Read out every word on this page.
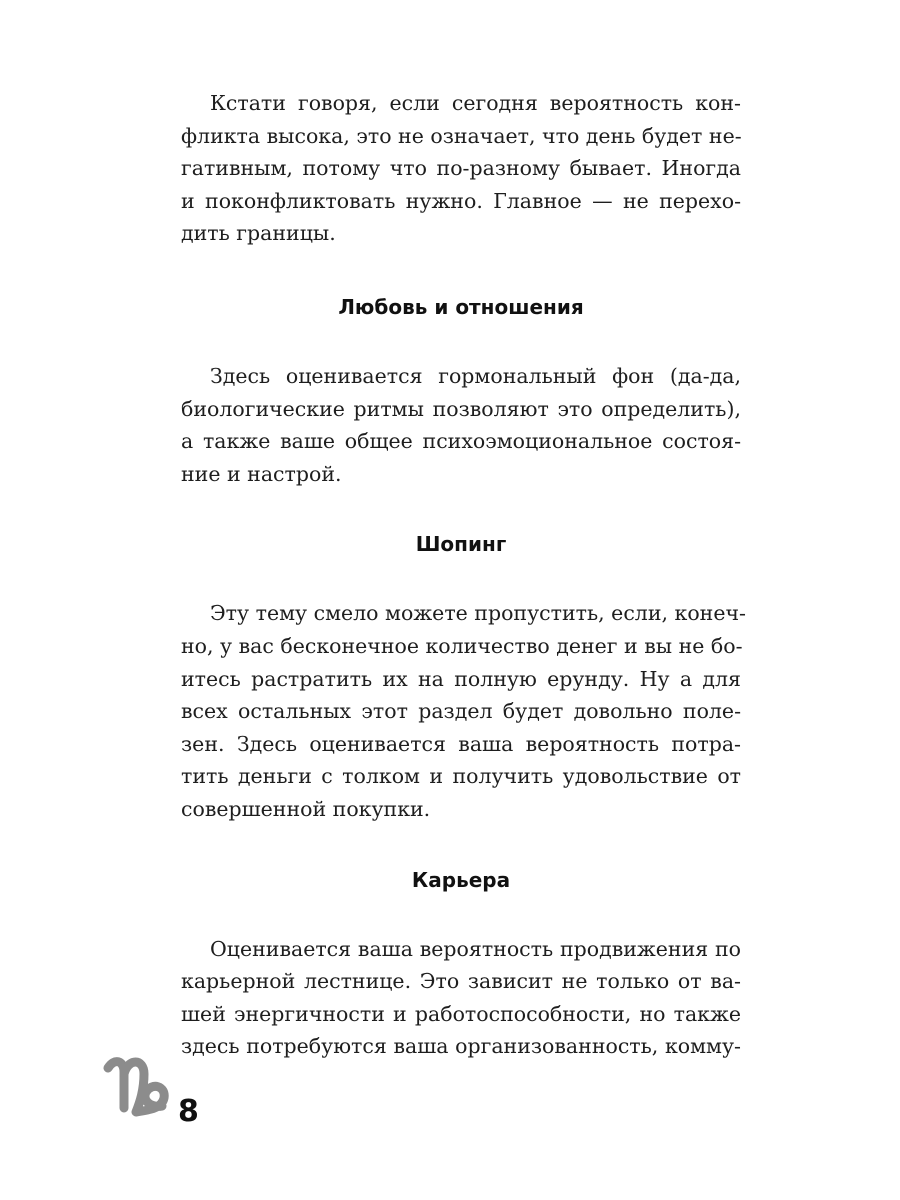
Кстати говоря, если сегодня вероятность кон-
фликта высока, это не означает, что день будет не-
гативным, потому что по-разному бывает. Иногда
и поконфликтовать нужно. Главное — не перехо-
дить границы.
Любовь и отношения
Здесь оценивается гормональный фон (да-да,
биологические ритмы позволяют это определить),
а также ваше общее психоэмоциональное состоя-
ние и настрой.
Шопинг
Эту тему смело можете пропустить, если, конеч-
но, у вас бесконечное количество денег и вы не бо-
итесь растратить их на полную ерунду. Ну а для
всех остальных этот раздел будет довольно поле-
зен. Здесь оценивается ваша вероятность потра-
тить деньги с толком и получить удовольствие от
совершенной покупки.
Карьера
Оценивается ваша вероятность продвижения по
карьерной лестнице. Это зависит не только от ва-
шей энергичности и работоспособности, но также
здесь потребуются ваша организованность, комму-
8
